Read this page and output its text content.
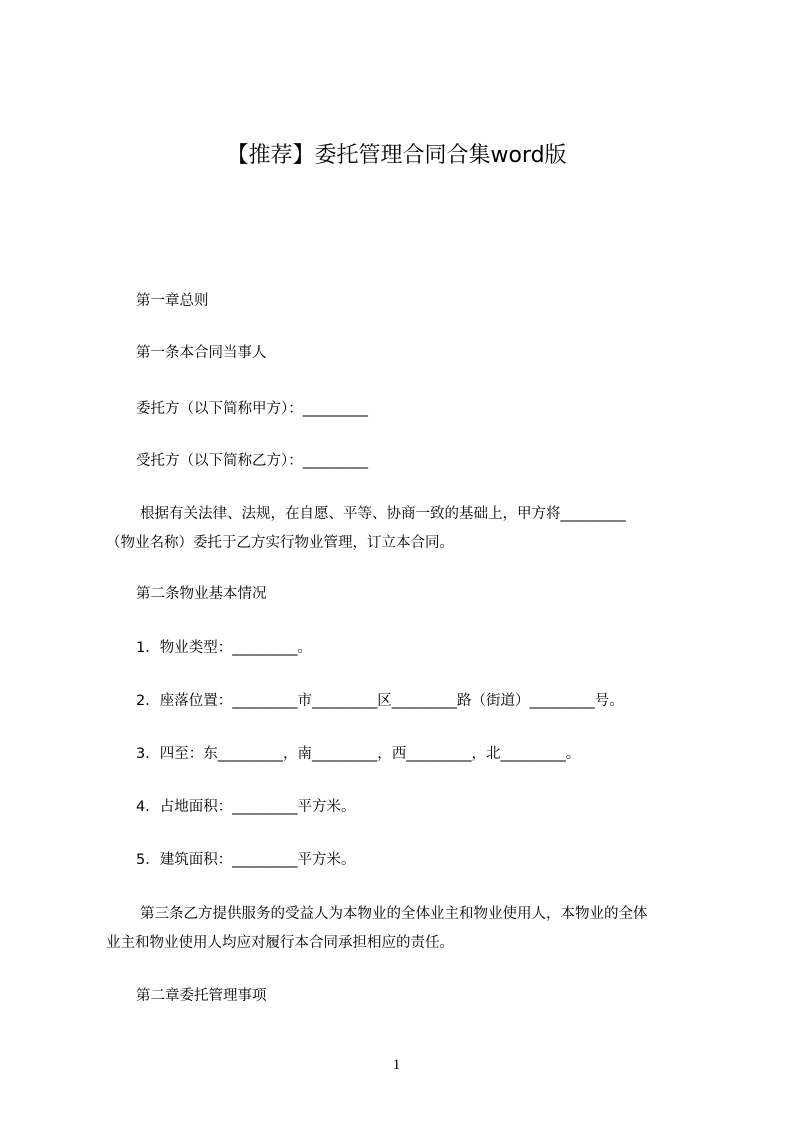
【推荐】委托管理合同合集word版
第一章总则
第一条本合同当事人
委托方（以下简称甲方）：_________
受托方（以下简称乙方）：_________
根据有关法律、法规，在自愿、平等、协商一致的基础上，甲方将_________
（物业名称）委托于乙方实行物业管理，订立本合同。
第二条物业基本情况
1．物业类型：_________。
2．座落位置：_________市_________区_________路（街道）_________号。
3．四至：东_________，南_________，西_________，北_________。
4．占地面积：_________平方米。
5．建筑面积：_________平方米。
第三条乙方提供服务的受益人为本物业的全体业主和物业使用人，本物业的全体
业主和物业使用人均应对履行本合同承担相应的责任。
第二章委托管理事项
1
